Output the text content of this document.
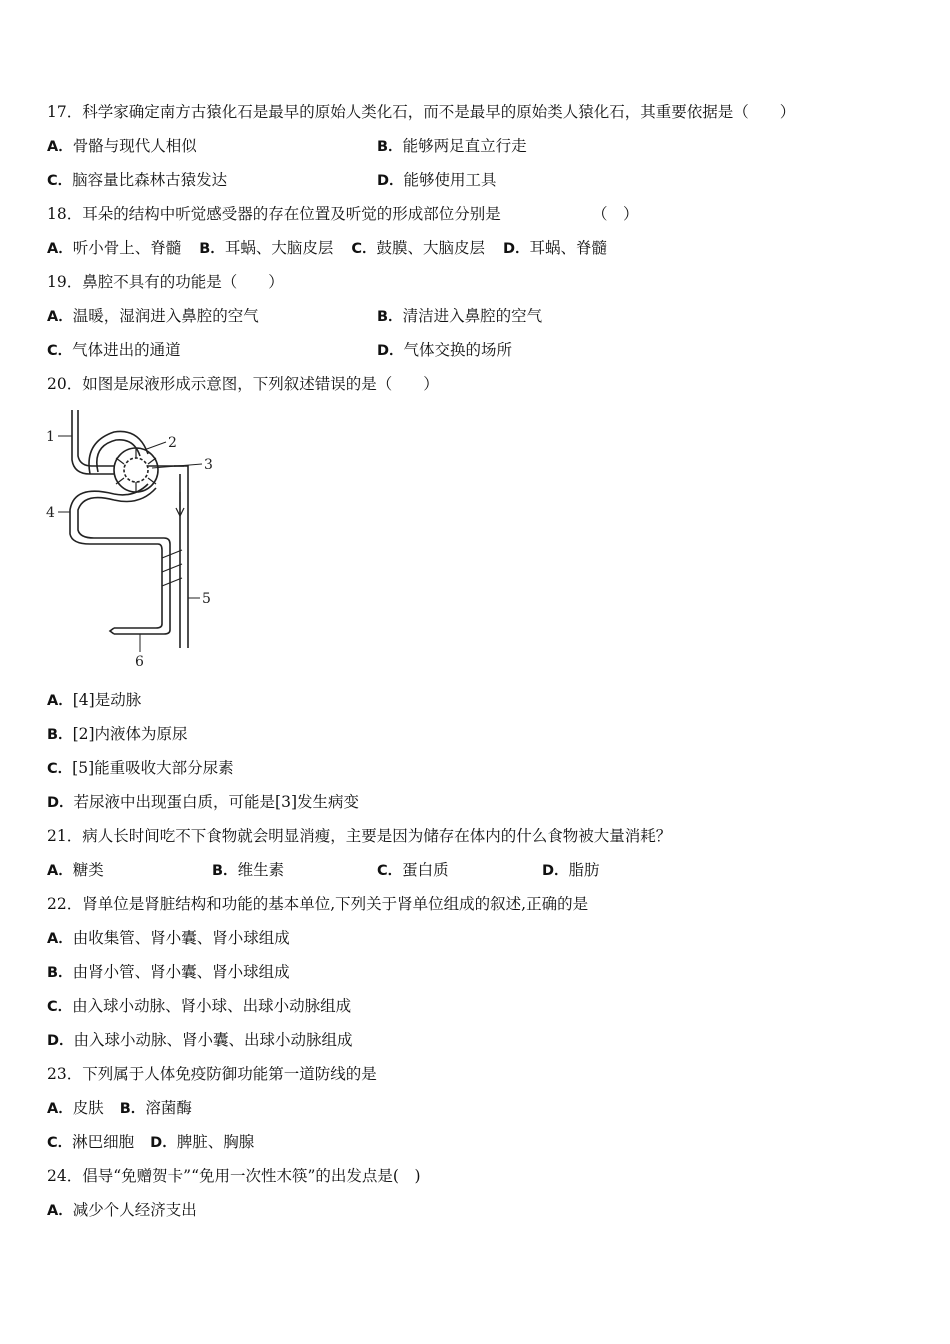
17．科学家确定南方古猿化石是最早的原始人类化石，而不是最早的原始类人猿化石，其重要依据是（　　）
A．骨骼与现代人相似	B．能够两足直立行走
C．脑容量比森林古猿发达	D．能够使用工具
18．耳朵的结构中听觉感受器的存在位置及听觉的形成部位分别是	（　）
A．听小骨上、脊髓 B．耳蜗、大脑皮层 C．鼓膜、大脑皮层 D．耳蜗、脊髓
19．鼻腔不具有的功能是（　　）
A．温暖，湿润进入鼻腔的空气	B．清洁进入鼻腔的空气
C．气体进出的通道	D．气体交换的场所
20．如图是尿液形成示意图，下列叙述错误的是（　　）
1	2
3
4
5
6
A．[4]是动脉
B．[2]内液体为原尿
C．[5]能重吸收大部分尿素
D．若尿液中出现蛋白质，可能是[3]发生病变
21．病人长时间吃不下食物就会明显消瘦，主要是因为储存在体内的什么食物被大量消耗？
A．糖类	B．维生素	C．蛋白质	D．脂肪
22．肾单位是肾脏结构和功能的基本单位,下列关于肾单位组成的叙述,正确的是
A．由收集管、肾小囊、肾小球组成
B．由肾小管、肾小囊、肾小球组成
C．由入球小动脉、肾小球、出球小动脉组成
D．由入球小动脉、肾小囊、出球小动脉组成
23．下列属于人体免疫防御功能第一道防线的是
A．皮肤 B．溶菌酶
C．淋巴细胞 D．脾脏、胸腺
24．倡导“免赠贺卡”“免用一次性木筷”的出发点是(　)
A．减少个人经济支出
